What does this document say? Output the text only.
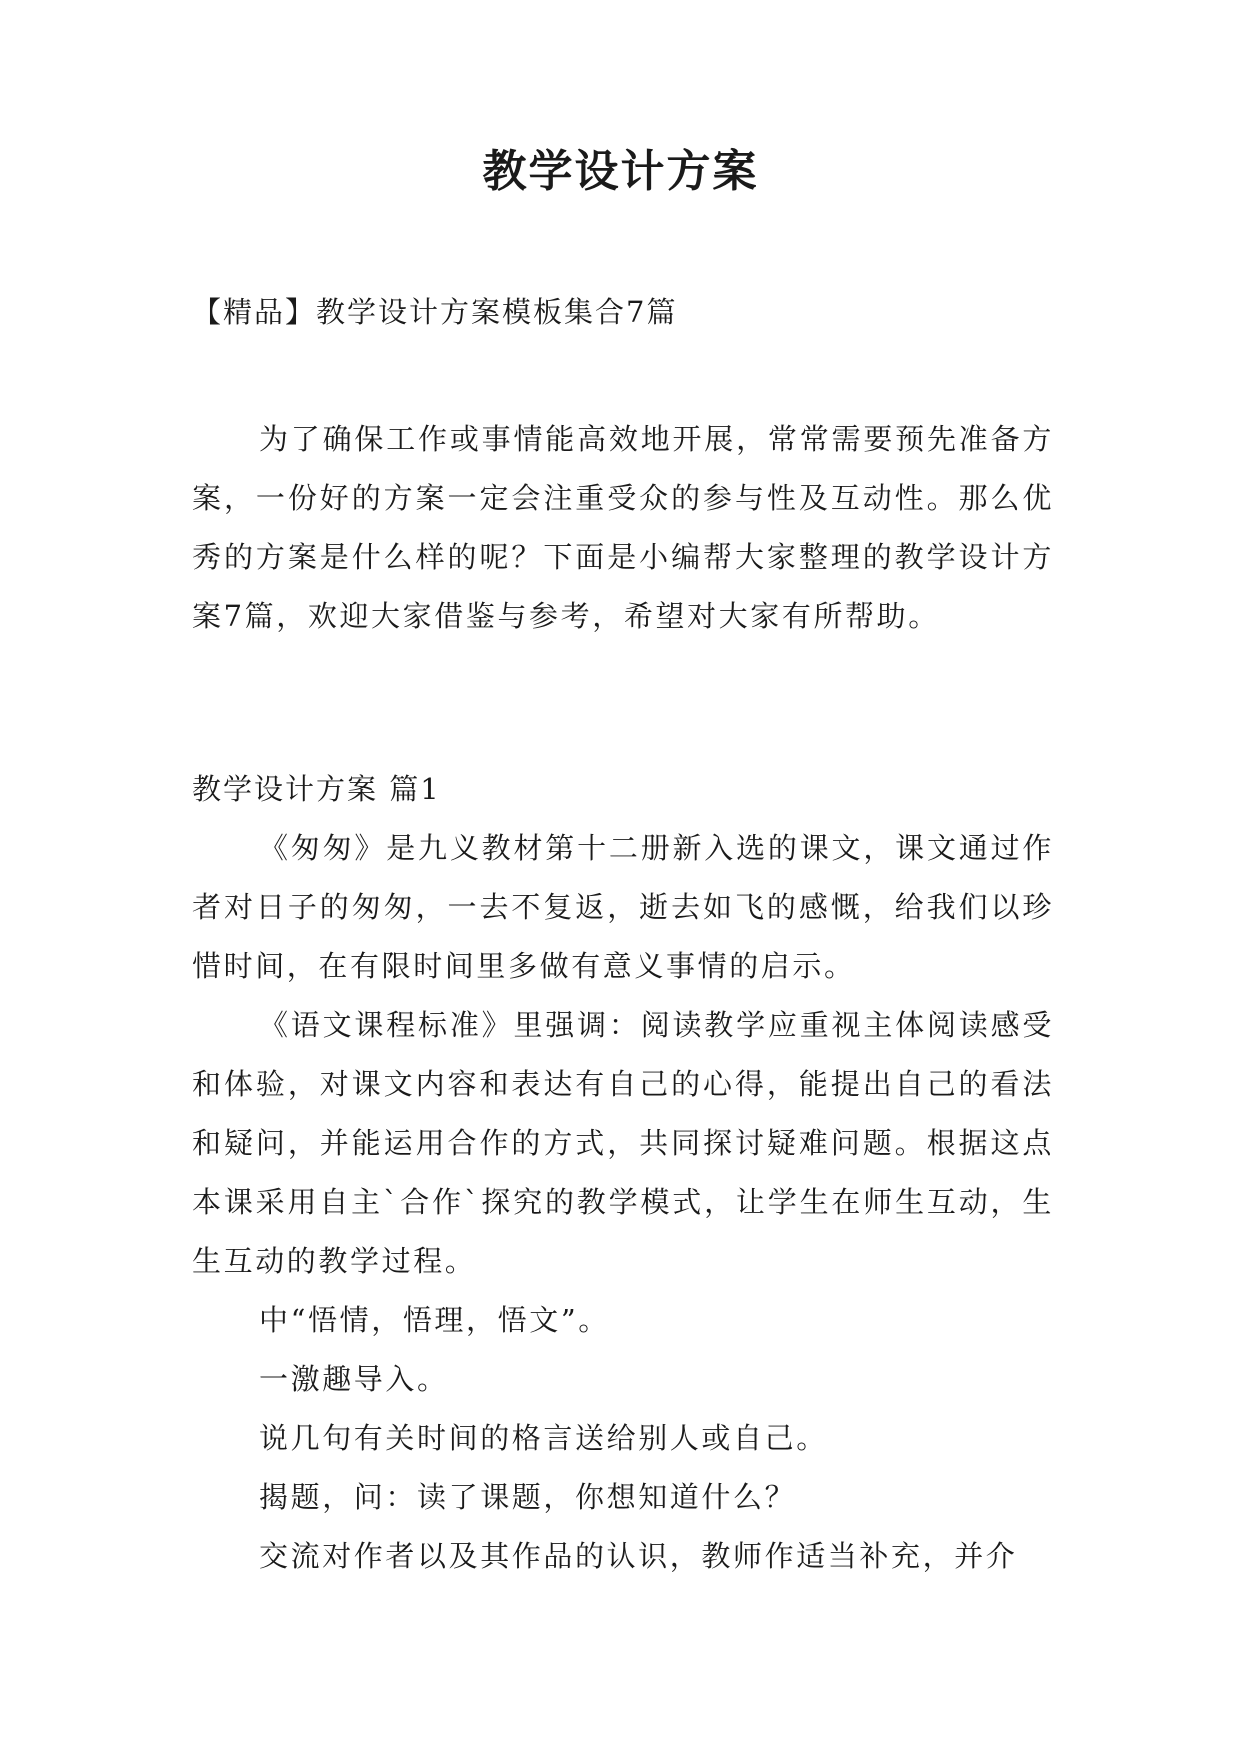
教学设计方案
【精品】教学设计方案模板集合7篇

为了确保工作或事情能高效地开展，常常需要预先准备方案，一份好的方案一定会注重受众的参与性及互动性。那么优秀的方案是什么样的呢？下面是小编帮大家整理的教学设计方案7篇，欢迎大家借鉴与参考，希望对大家有所帮助。

教学设计方案 篇1

《匆匆》是九义教材第十二册新入选的课文，课文通过作者对日子的匆匆，一去不复返，逝去如飞的感慨，给我们以珍惜时间，在有限时间里多做有意义事情的启示。

《语文课程标准》里强调：阅读教学应重视主体阅读感受和体验，对课文内容和表达有自己的心得，能提出自己的看法和疑问，并能运用合作的方式，共同探讨疑难问题。根据这点本课采用自主`合作`探究的教学模式，让学生在师生互动，生生互动的教学过程。

中“悟情，悟理，悟文”。

一激趣导入。

说几句有关时间的格言送给别人或自己。

揭题，问：读了课题，你想知道什么？

交流对作者以及其作品的认识，教师作适当补充，并介
